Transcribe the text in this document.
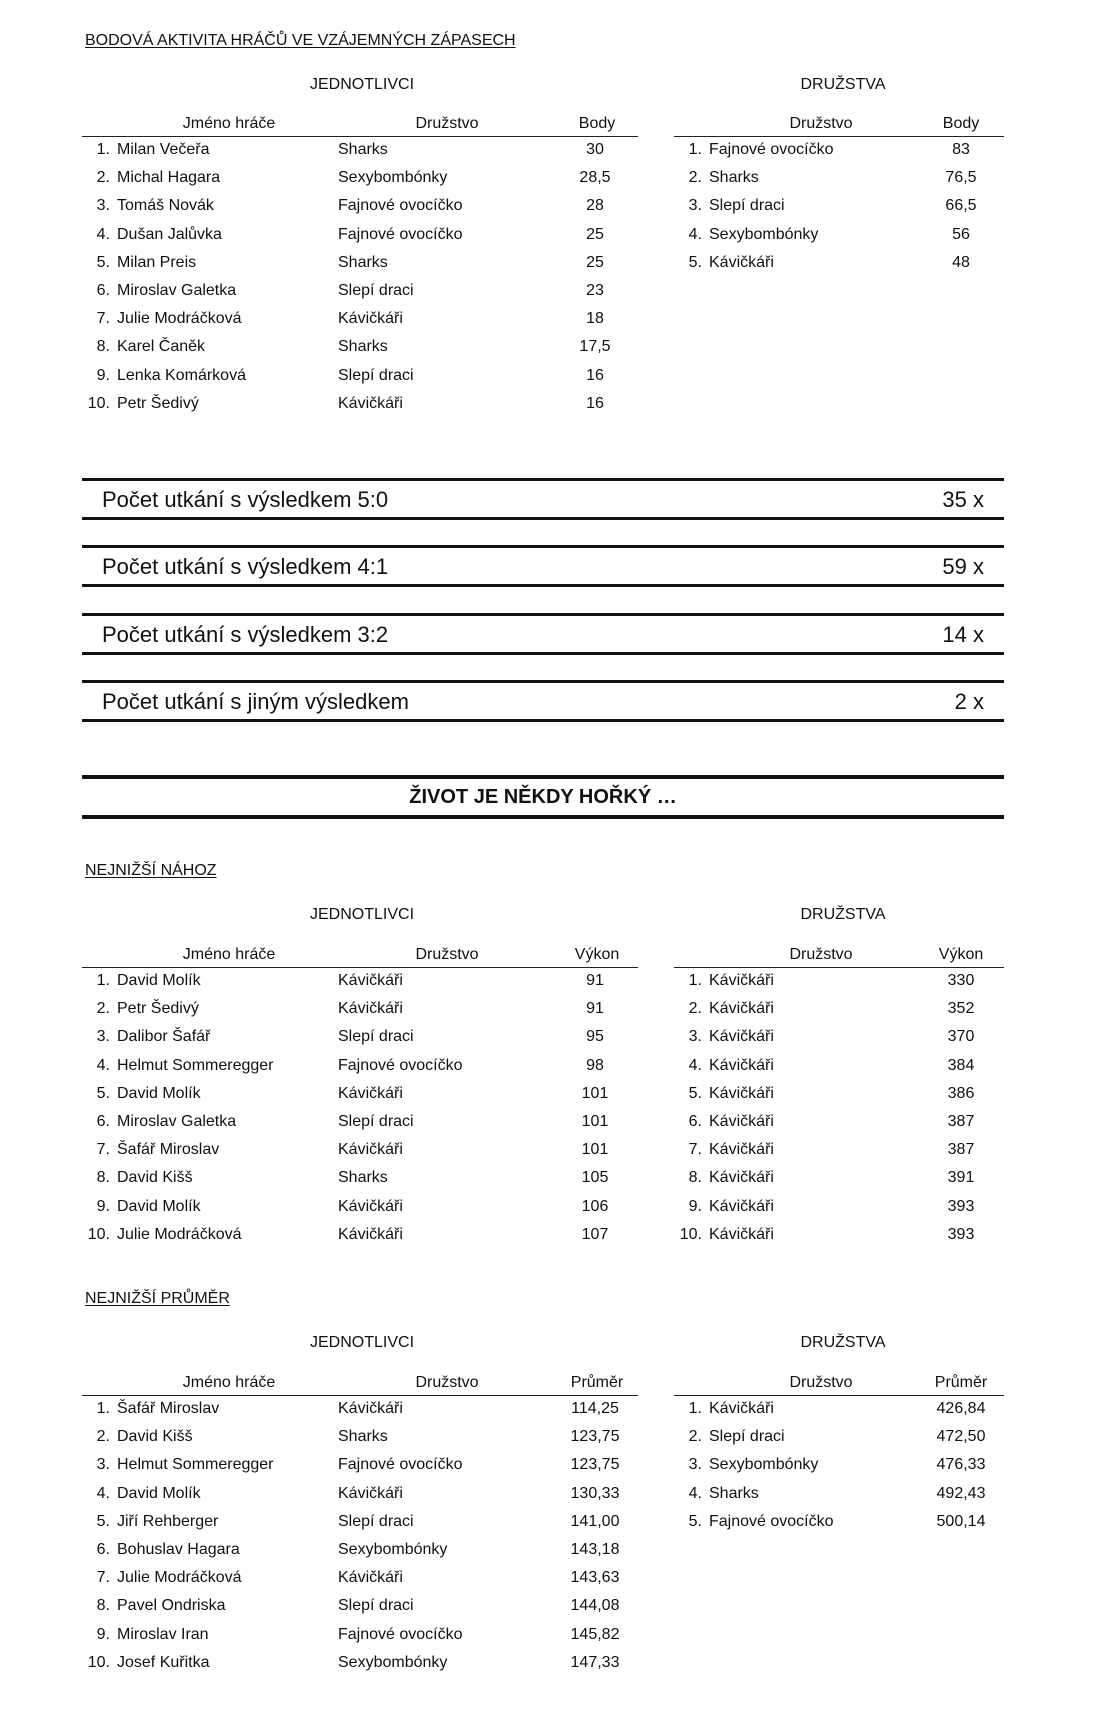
BODOVÁ AKTIVITA HRÁČŮ VE VZÁJEMNÝCH ZÁPASECH
JEDNOTLIVCI	DRUŽSTVA
Jméno hráče	Družstvo	Body
1. Milan Večeřa	Sharks	30
2. Michal Hagara	Sexybombónky	28,5
3. Tomáš Novák	Fajnové ovocíčko	28
4. Dušan Jalůvka	Fajnové ovocíčko	25
5. Milan Preis	Sharks	25
6. Miroslav Galetka	Slepí draci	23
7. Julie Modráčková	Kávičkáři	18
8. Karel Čaněk	Sharks	17,5
9. Lenka Komárková	Slepí draci	16
10. Petr Šedivý	Kávičkáři	16
Družstvo	Body
1. Fajnové ovocíčko	83
2. Sharks	76,5
3. Slepí draci	66,5
4. Sexybombónky	56
5. Kávičkáři	48
Počet utkání s výsledkem 5:0	35 x
Počet utkání s výsledkem 4:1	59 x
Počet utkání s výsledkem 3:2	14 x
Počet utkání s jiným výsledkem	2 x
ŽIVOT JE NĚKDY HOŘKÝ …
NEJNIŽŠÍ NÁHOZ
JEDNOTLIVCI	DRUŽSTVA
Jméno hráče	Družstvo	Výkon
1. David Molík	Kávičkáři	91
2. Petr Šedivý	Kávičkáři	91
3. Dalibor Šafář	Slepí draci	95
4. Helmut Sommeregger	Fajnové ovocíčko	98
5. David Molík	Kávičkáři	101
6. Miroslav Galetka	Slepí draci	101
7. Šafář Miroslav	Kávičkáři	101
8. David Kišš	Sharks	105
9. David Molík	Kávičkáři	106
10. Julie Modráčková	Kávičkáři	107
Družstvo	Výkon
1. Kávičkáři	330
2. Kávičkáři	352
3. Kávičkáři	370
4. Kávičkáři	384
5. Kávičkáři	386
6. Kávičkáři	387
7. Kávičkáři	387
8. Kávičkáři	391
9. Kávičkáři	393
10. Kávičkáři	393
NEJNIŽŠÍ PRŮMĚR
JEDNOTLIVCI	DRUŽSTVA
Jméno hráče	Družstvo	Průměr
1. Šafář Miroslav	Kávičkáři	114,25
2. David Kišš	Sharks	123,75
3. Helmut Sommeregger	Fajnové ovocíčko	123,75
4. David Molík	Kávičkáři	130,33
5. Jiří Rehberger	Slepí draci	141,00
6. Bohuslav Hagara	Sexybombónky	143,18
7. Julie Modráčková	Kávičkáři	143,63
8. Pavel Ondriska	Slepí draci	144,08
9. Miroslav Iran	Fajnové ovocíčko	145,82
10. Josef Kuřitka	Sexybombónky	147,33
Družstvo	Průměr
1. Kávičkáři	426,84
2. Slepí draci	472,50
3. Sexybombónky	476,33
4. Sharks	492,43
5. Fajnové ovocíčko	500,14
